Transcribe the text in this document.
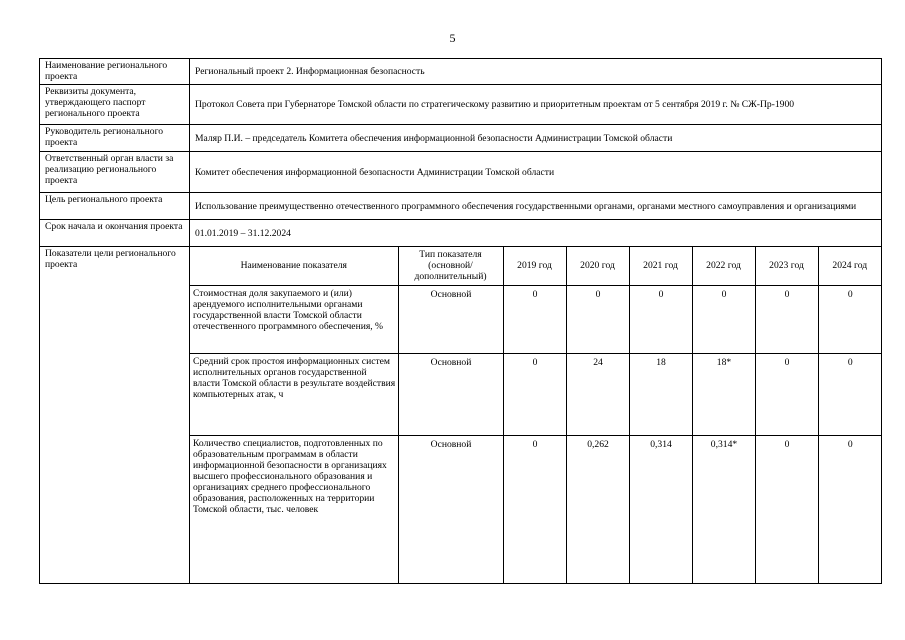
5
Наименование регионального проекта	Региональный проект 2. Информационная безопасность
Реквизиты документа, утверждающего паспорт регионального проекта	Протокол Совета при Губернаторе Томской области по стратегическому развитию и приоритетным проектам от 5 сентября 2019 г. № СЖ-Пр-1900
Руководитель регионального проекта	Маляр П.И. – председатель Комитета обеспечения информационной безопасности Администрации Томской области
Ответственный орган власти за реализацию регионального проекта	Комитет обеспечения информационной безопасности Администрации Томской области
Цель регионального проекта	Использование преимущественно отечественного программного обеспечения государственными органами, органами местного самоуправления и организациями
Срок начала и окончания проекта	01.01.2019 – 31.12.2024
Показатели цели регионального проекта		Наименование показателя	Тип показателя (основной/ дополнительный)	2019 год	2020 год	2021 год	2022 год	2023 год	2024 год
Стоимостная доля закупаемого и (или) арендуемого исполнительными органами государственной власти Томской области отечественного программного обеспечения, %	Основной	0	0	0	0	0	0
Средний срок простоя информационных систем исполнительных органов государственной власти Томской области в результате воздействия компьютерных атак, ч	Основной	0	24	18	18*	0	0
Количество специалистов, подготовленных по образовательным программам в области информационной безопасности в организациях высшего профессионального образования и организациях среднего профессионального образования, расположенных на территории Томской области, тыс. человек	Основной	0	0,262	0,314	0,314*	0	0
